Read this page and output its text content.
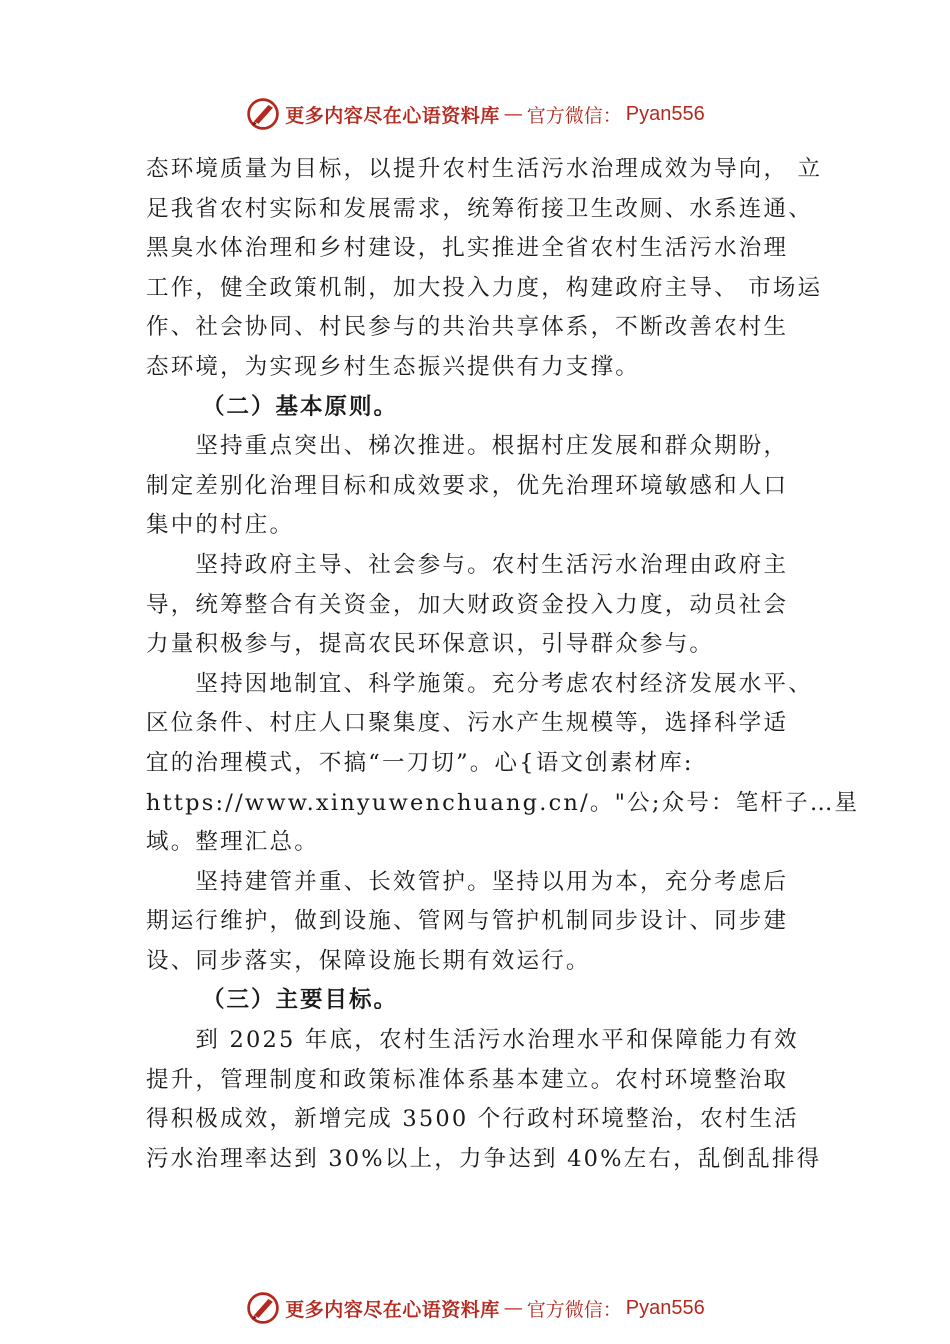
更多内容尽在心语资料库 — 官方微信： Pyan556
态环境质量为目标，以提升农村生活污水治理成效为导向， 立
足我省农村实际和发展需求，统筹衔接卫生改厕、水系连通、
黑臭水体治理和乡村建设，扎实推进全省农村生活污水治理
工作，健全政策机制，加大投入力度，构建政府主导、 市场运
作、社会协同、村民参与的共治共享体系，不断改善农村生
态环境，为实现乡村生态振兴提供有力支撑。
（二）基本原则。
　　坚持重点突出、梯次推进。根据村庄发展和群众期盼，
制定差别化治理目标和成效要求，优先治理环境敏感和人口
集中的村庄。
　　坚持政府主导、社会参与。农村生活污水治理由政府主
导，统筹整合有关资金，加大财政资金投入力度，动员社会
力量积极参与，提高农民环保意识，引导群众参与。
　　坚持因地制宜、科学施策。充分考虑农村经济发展水平、
区位条件、村庄人口聚集度、污水产生规模等，选择科学适
宜的治理模式，不搞“一刀切”。心{语文创素材库:
https://www.xinyuwenchuang.cn/。"公;众号：笔杆子…星
域。整理汇总。
　　坚持建管并重、长效管护。坚持以用为本，充分考虑后
期运行维护，做到设施、管网与管护机制同步设计、同步建
设、同步落实，保障设施长期有效运行。
（三）主要目标。
　　到 2025 年底，农村生活污水治理水平和保障能力有效
提升，管理制度和政策标准体系基本建立。农村环境整治取
得积极成效，新增完成 3500 个行政村环境整治，农村生活
污水治理率达到 30%以上，力争达到 40%左右，乱倒乱排得
更多内容尽在心语资料库 — 官方微信： Pyan556
